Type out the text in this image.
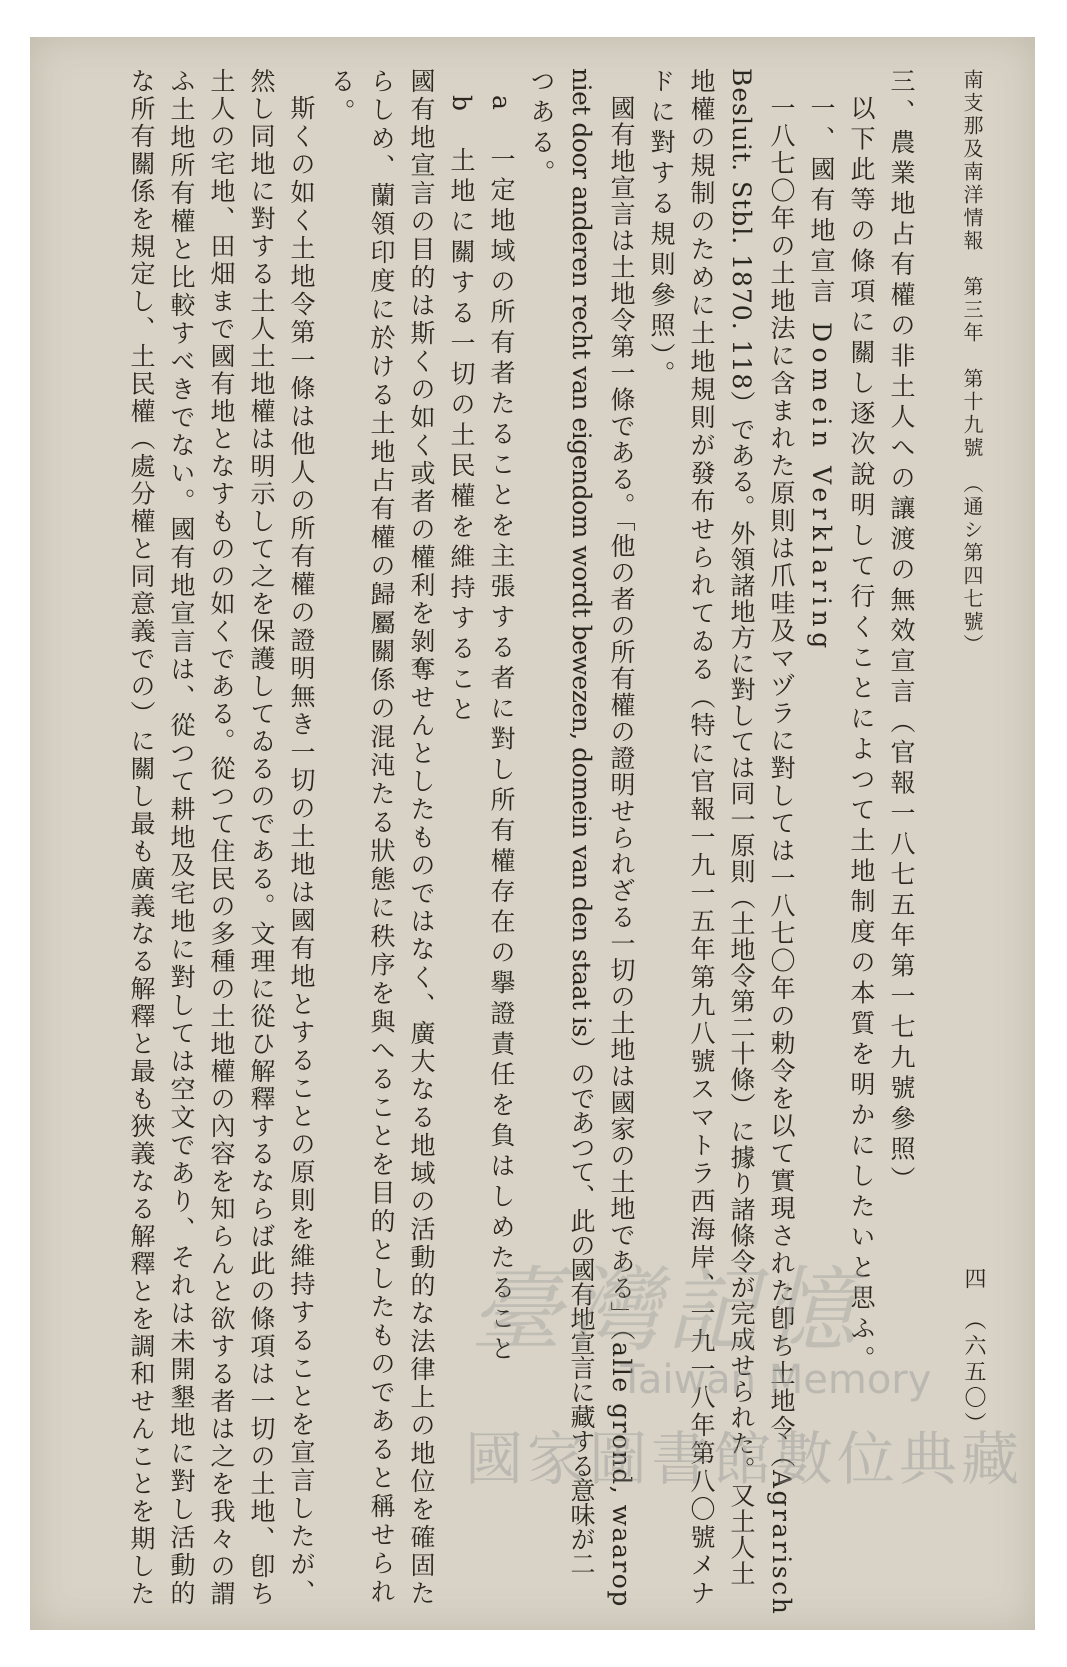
南支那及南洋情報　第三年　第十九號　（通シ第四七號）
四　（六五〇）
三、農業地占有權の非土人への讓渡の無效宣言（官報一八七五年第一七九號參照）
以下此等の條項に關し逐次說明して行くことによつて土地制度の本質を明かにしたいと思ふ。
一、國有地宣言 Domein Verklaring
一八七〇年の土地法に含まれた原則は爪哇及マヅラに對しては一八七〇年の勅令を以て實現された卽ち土地令（Agrarisch
Besluit. Stbl. 1870. 118）である。外領諸地方に對しては同一原則（土地令第二十條）に據り諸條令が完成せられた。又土人土
地權の規制のために土地規則が發布せられてゐる（特に官報一九一五年第九八號スマトラ西海岸、一九一八年第八〇號メナ
ドに對する規則參照）。
國有地宣言は土地令第一條である。「他の者の所有權の證明せられざる一切の土地は國家の土地である」（alle grond, waarop
niet door anderen recht van eigendom wordt bewezen, domein van den staat is）のであつて、此の國有地宣言に藏する意味が二
つある。
a　一定地域の所有者たることを主張する者に對し所有權存在の擧證責任を負はしめたること
b　土地に關する一切の土民權を維持すること
國有地宣言の目的は斯くの如く或者の權利を剝奪せんとしたものではなく、廣大なる地域の活動的な法律上の地位を確固た
らしめ、蘭領印度に於ける土地占有權の歸屬關係の混沌たる狀態に秩序を與へることを目的としたものであると稱せられ
る。
斯くの如く土地令第一條は他人の所有權の證明無き一切の土地は國有地とすることの原則を維持することを宣言したが、
然し同地に對する土人土地權は明示して之を保護してゐるのである。文理に從ひ解釋するならば此の條項は一切の土地、卽ち
土人の宅地、田畑まで國有地となすものの如くである。從つて住民の多種の土地權の內容を知らんと欲する者は之を我々の謂
ふ土地所有權と比較すべきでない。國有地宣言は、從つて耕地及宅地に對しては空文であり、それは未開墾地に對し活動的
な所有關係を規定し、土民權（處分權と同意義での）に關し最も廣義なる解釋と最も狹義なる解釋とを調和せんことを期した	臺灣記憶
Taiwan Memory
國家圖書館數位典藏
